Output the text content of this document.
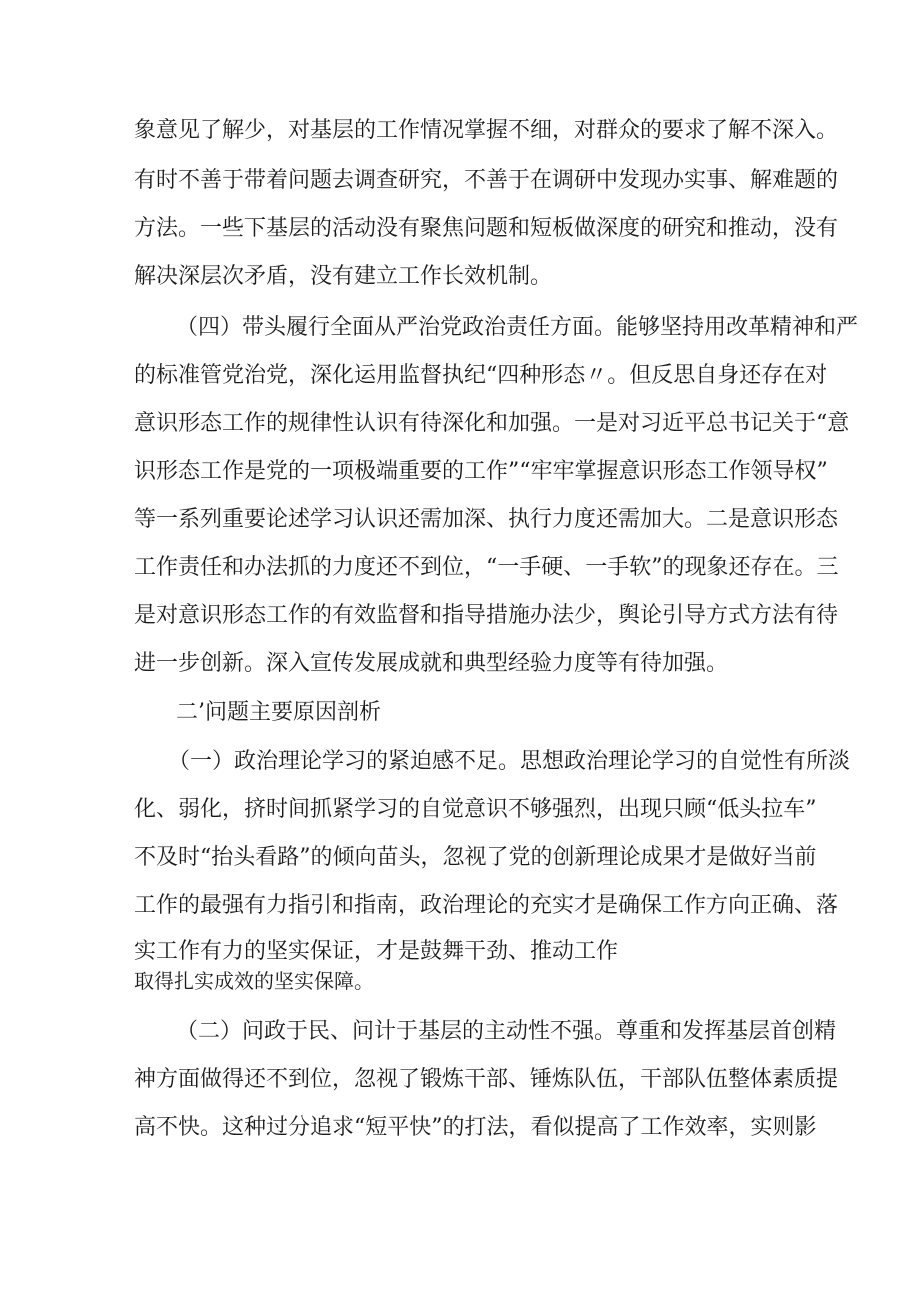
象意见了解少，对基层的工作情况掌握不细，对群众的要求了解不深入。
有时不善于带着问题去调查研究，不善于在调研中发现办实事、解难题的
方法。一些下基层的活动没有聚焦问题和短板做深度的研究和推动，没有
解决深层次矛盾，没有建立工作长效机制。
（四）带头履行全面从严治党政治责任方面。能够坚持用改革精神和严
的标准管党治党，深化运用监督执纪“四种形态〃。但反思自身还存在对
意识形态工作的规律性认识有待深化和加强。一是对习近平总书记关于“意
识形态工作是党的一项极端重要的工作”“牢牢掌握意识形态工作领导权”
等一系列重要论述学习认识还需加深、执行力度还需加大。二是意识形态
工作责任和办法抓的力度还不到位，“一手硬、一手软”的现象还存在。三
是对意识形态工作的有效监督和指导措施办法少，舆论引导方式方法有待
进一步创新。深入宣传发展成就和典型经验力度等有待加强。
二’问题主要原因剖析
（一）政治理论学习的紧迫感不足。思想政治理论学习的自觉性有所淡
化、弱化，挤时间抓紧学习的自觉意识不够强烈，出现只顾“低头拉车”
不及时“抬头看路”的倾向苗头，忽视了党的创新理论成果才是做好当前
工作的最强有力指引和指南，政治理论的充实才是确保工作方向正确、落
实工作有力的坚实保证，才是鼓舞干劲、推动工作
取得扎实成效的坚实保障。
（二）问政于民、问计于基层的主动性不强。尊重和发挥基层首创精
神方面做得还不到位，忽视了锻炼干部、锤炼队伍，干部队伍整体素质提
高不快。这种过分追求“短平快”的打法，看似提高了工作效率，实则影
